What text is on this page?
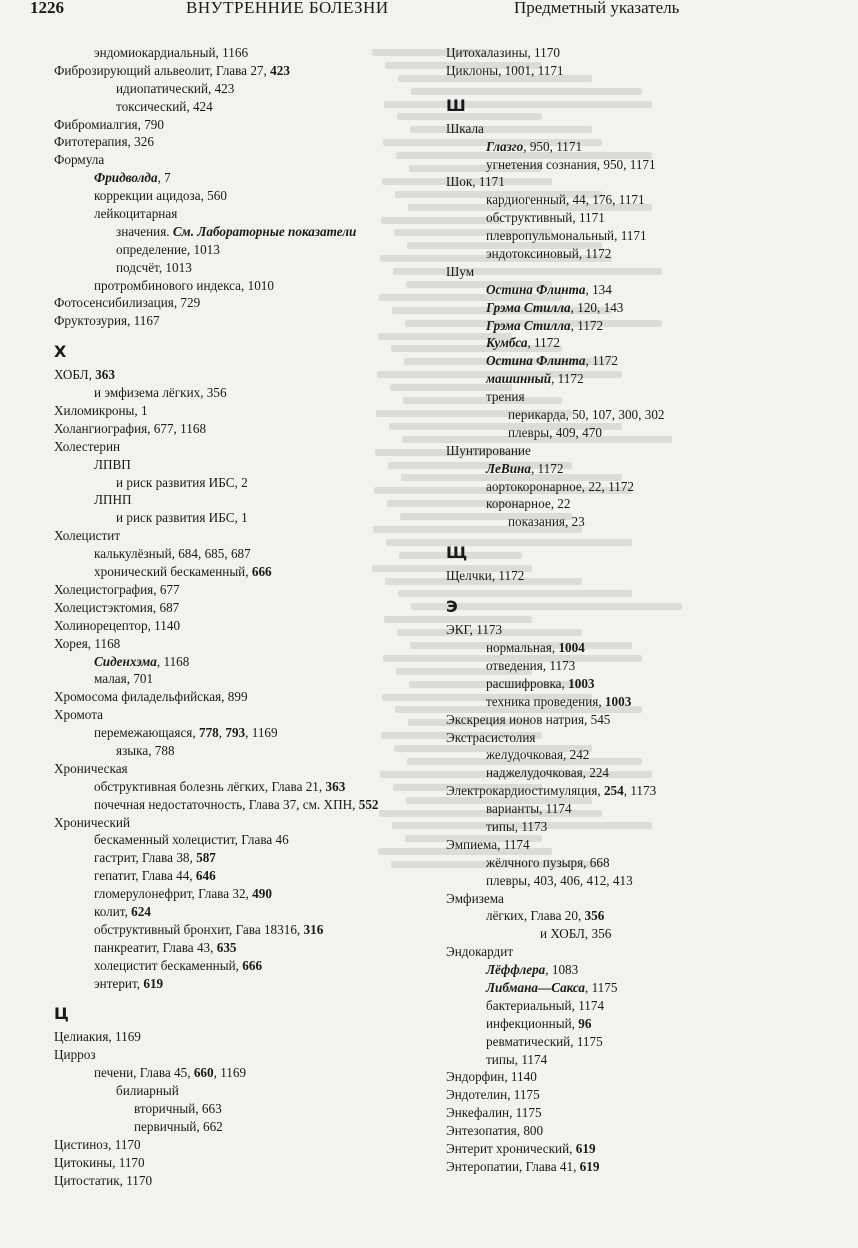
1226	ВНУТРЕННИЕ БОЛЕЗНИ	Предметный указатель
эндомиокардиальный, 1166
Фиброзирующий альвеолит, Глава 27, 423
идиопатический, 423
токсический, 424
Фибромиалгия, 790
Фитотерапия, 326
Формула
Фридволда, 7
коррекции ацидоза, 560
лейкоцитарная
значения. См. Лабораторные показатели
определение, 1013
подсчёт, 1013
протромбинового индекса, 1010
Фотосенсибилизация, 729
Фруктозурия, 1167
Х
ХОБЛ, 363
и эмфизема лёгких, 356
Хиломикроны, 1
Холангиография, 677, 1168
Холестерин
ЛПВП
и риск развития ИБС, 2
ЛПНП
и риск развития ИБС, 1
Холецистит
калькулёзный, 684, 685, 687
хронический бескаменный, 666
Холецистография, 677
Холецистэктомия, 687
Холинорецептор, 1140
Хорея, 1168
Сиденхэма, 1168
малая, 701
Хромосома филадельфийская, 899
Хромота
перемежающаяся, 778, 793, 1169
языка, 788
Хроническая
обструктивная болезнь лёгких, Глава 21, 363
почечная недостаточность, Глава 37, см. ХПН, 552
Хронический
бескаменный холецистит, Глава 46
гастрит, Глава 38, 587
гепатит, Глава 44, 646
гломерулонефрит, Глава 32, 490
колит, 624
обструктивный бронхит, Гава 18316, 316
панкреатит, Глава 43, 635
холецистит бескаменный, 666
энтерит, 619
Ц
Целиакия, 1169
Цирроз
печени, Глава 45, 660, 1169
билиарный
вторичный, 663
первичный, 662
Цистиноз, 1170
Цитокины, 1170
Цитостатик, 1170
Цитохалазины, 1170
Циклоны, 1001, 1171
Ш
Шкала
Глазго, 950, 1171
угнетения сознания, 950, 1171
Шок, 1171
кардиогенный, 44, 176, 1171
обструктивный, 1171
плевропульмональный, 1171
эндотоксиновый, 1172
Шум
Остина Флинта, 134
Грэма Стилла, 120, 143
Грэма Стилла, 1172
Кумбса, 1172
Остина Флинта, 1172
машинный, 1172
трения
перикарда, 50, 107, 300, 302
плевры, 409, 470
Шунтирование
ЛеВина, 1172
аортокоронарное, 22, 1172
коронарное, 22
показания, 23
Щ
Щелчки, 1172
Э
ЭКГ, 1173
нормальная, 1004
отведения, 1173
расшифровка, 1003
техника проведения, 1003
Экскреция ионов натрия, 545
Экстрасистолия
желудочковая, 242
наджелудочковая, 224
Электрокардиостимуляция, 254, 1173
варианты, 1174
типы, 1173
Эмпиема, 1174
жёлчного пузыря, 668
плевры, 403, 406, 412, 413
Эмфизема
лёгких, Глава 20, 356
и ХОБЛ, 356
Эндокардит
Лёффлера, 1083
Либмана—Сакса, 1175
бактериальный, 1174
инфекционный, 96
ревматический, 1175
типы, 1174
Эндорфин, 1140
Эндотелин, 1175
Энкефалин, 1175
Энтезопатия, 800
Энтерит хронический, 619
Энтеропатии, Глава 41, 619
